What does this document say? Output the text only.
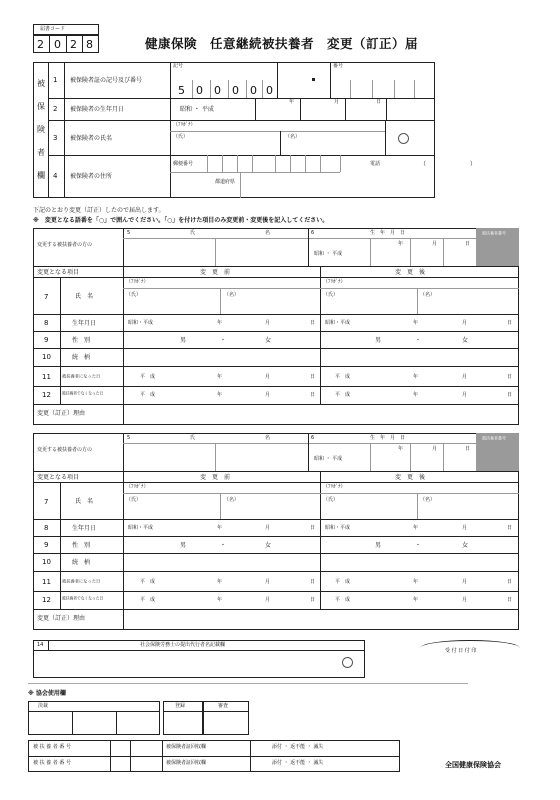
届書コード
2 0 2 8	健康保険　任意継続被扶養者　変更（訂正）届
被
保
険
者
欄
1 被保険者証の記号及び番号
記号	番号
5 0 0 0 0 0
2 被保険者の生年月日	昭和 ・ 平成
年	月	日
3 被保険者の氏名
（ﾌﾘｶﾞﾅ）
（氏）	（名）
4 被保険者の住所
郵便番号	電話	（	）
都道府県
下記のとおり変更（訂正）したので届出します。
※　変更となる語番を「○」で囲んでください。「○」を付けた項目のみ変更前・変更後を記入してください。
変更する被扶養者の方の
5	氏	名	6	生　年　月　日
昭和 ・ 平成
年	月	日
被扶養者番号
変更となる項目	変　更　前	変　更　後
7	氏　名
（ﾌﾘｶﾞﾅ）
（氏）	（名）
（ﾌﾘｶﾞﾅ）
（氏）	（名）
8	生年月日	昭和・平成	年	月	日 昭和・平成	年	月	日
9	性　別	男	・	女	男	・	女
10	続　柄
11 被扶養者になった日	平　成	年	月	日	平　成	年	月	日
12 被扶養者でなくなった日	平　成	年	月	日	平　成	年	月	日
変更（訂正）理由
変更する被扶養者の方の
5	氏	名	6	生　年　月　日
昭和 ・ 平成
年	月	日
被扶養者番号
変更となる項目	変　更　前	変　更　後
7	氏　名
（ﾌﾘｶﾞﾅ）
（氏）	（名）
（ﾌﾘｶﾞﾅ）
（氏）	（名）
8	生年月日	昭和・平成	年	月	日 昭和・平成	年	月	日
9	性　別	男	・	女	男	・	女
10	続　柄
11 被扶養者になった日	平　成	年	月	日	平　成	年	月	日
12 被扶養者でなくなった日	平　成	年	月	日	平　成	年	月	日
変更（訂正）理由
14	社会保険労務士の提出代行者名記載欄
受 付 日 付 印
※ 協会使用欄
決裁	登録	審査
被 扶 養 者 番 号	被保険者証回収欄	添付 ・ 返不能 ・ 滅失
被 扶 養 者 番 号	被保険者証回収欄	添付 ・ 返不能 ・ 滅失	全国健康保険協会
